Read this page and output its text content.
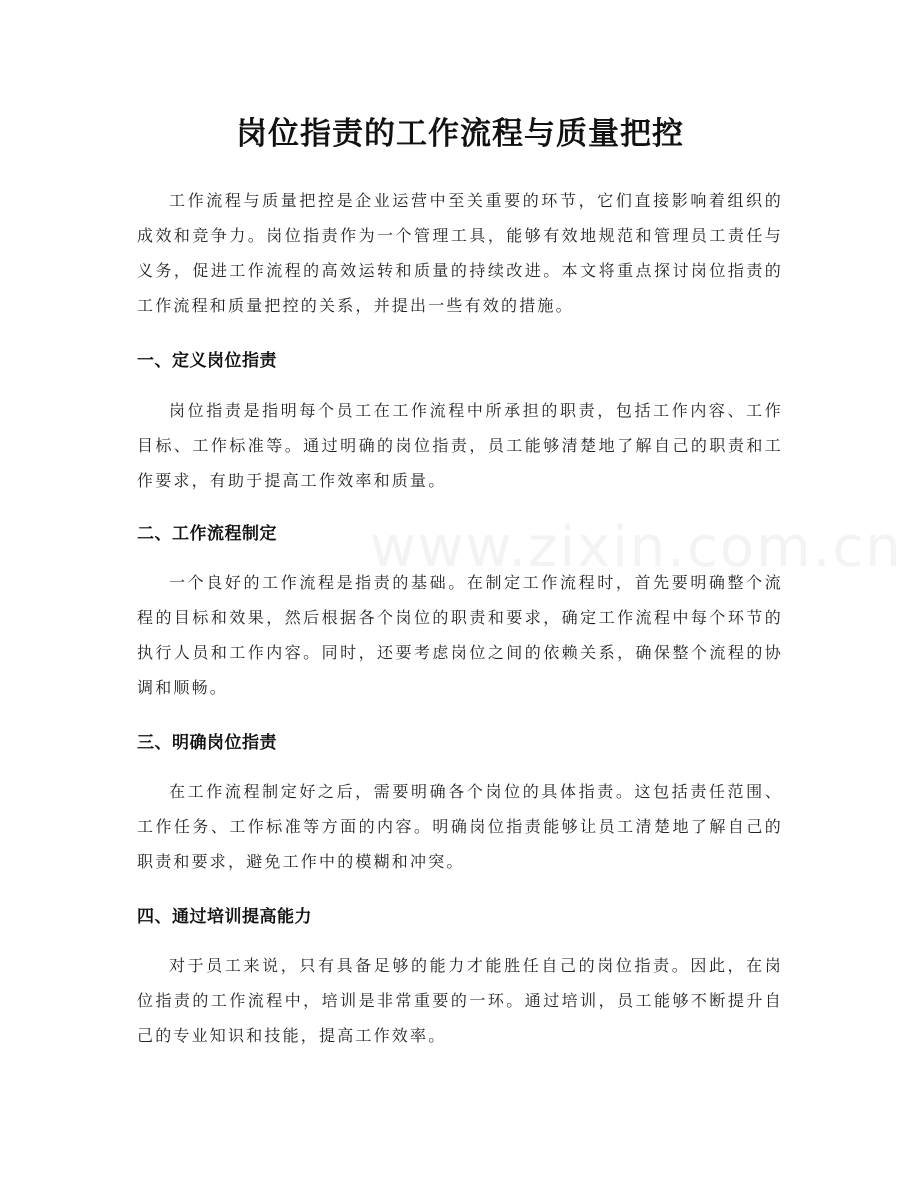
www.zixin.com.cn
岗位指责的工作流程与质量把控
工作流程与质量把控是企业运营中至关重要的环节，它们直接影响着组织的成效和竞争力。岗位指责作为一个管理工具，能够有效地规范和管理员工责任与义务，促进工作流程的高效运转和质量的持续改进。本文将重点探讨岗位指责的工作流程和质量把控的关系，并提出一些有效的措施。
一、定义岗位指责
岗位指责是指明每个员工在工作流程中所承担的职责，包括工作内容、工作目标、工作标准等。通过明确的岗位指责，员工能够清楚地了解自己的职责和工作要求，有助于提高工作效率和质量。
二、工作流程制定
一个良好的工作流程是指责的基础。在制定工作流程时，首先要明确整个流程的目标和效果，然后根据各个岗位的职责和要求，确定工作流程中每个环节的执行人员和工作内容。同时，还要考虑岗位之间的依赖关系，确保整个流程的协调和顺畅。
三、明确岗位指责
在工作流程制定好之后，需要明确各个岗位的具体指责。这包括责任范围、工作任务、工作标准等方面的内容。明确岗位指责能够让员工清楚地了解自己的职责和要求，避免工作中的模糊和冲突。
四、通过培训提高能力
对于员工来说，只有具备足够的能力才能胜任自己的岗位指责。因此，在岗位指责的工作流程中，培训是非常重要的一环。通过培训，员工能够不断提升自己的专业知识和技能，提高工作效率。
